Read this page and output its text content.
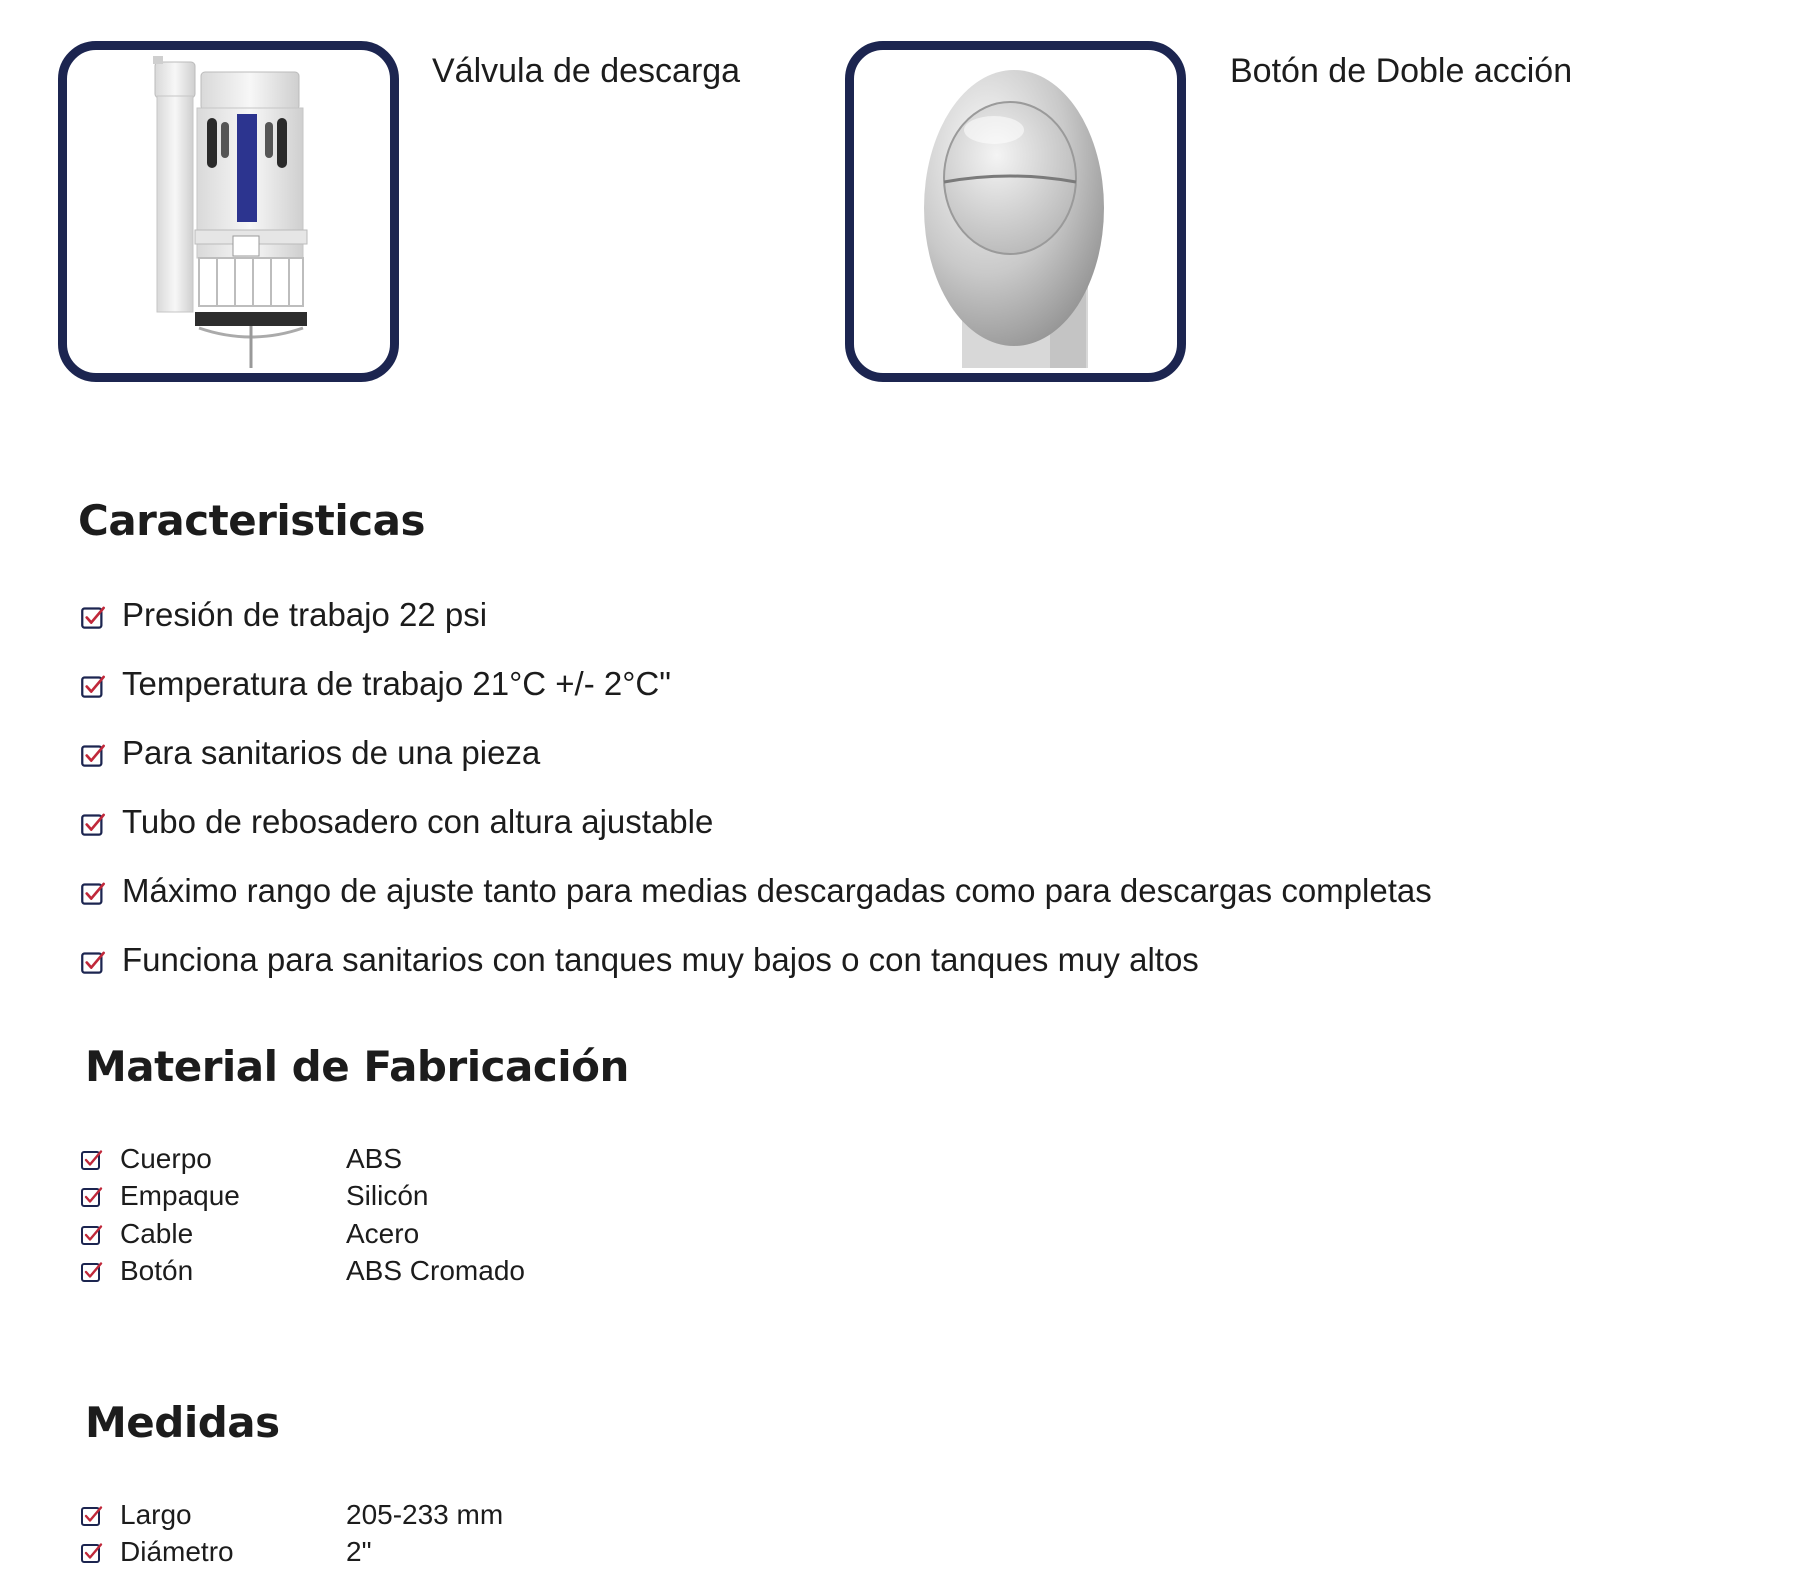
Válvula de descarga	Botón de Doble acción
Caracteristicas
Presión de trabajo 22 psi
Temperatura de trabajo 21°C +/- 2°C"
Para sanitarios de una pieza
Tubo de rebosadero con altura ajustable
Máximo rango de ajuste tanto para medias descargadas como para descargas completas
Funciona para sanitarios con tanques muy bajos o con tanques muy altos
Material de Fabricación
Cuerpo	ABS
Empaque	Silicón
Cable	Acero
Botón	ABS Cromado
Medidas
Largo	205-233 mm
Diámetro	2"
